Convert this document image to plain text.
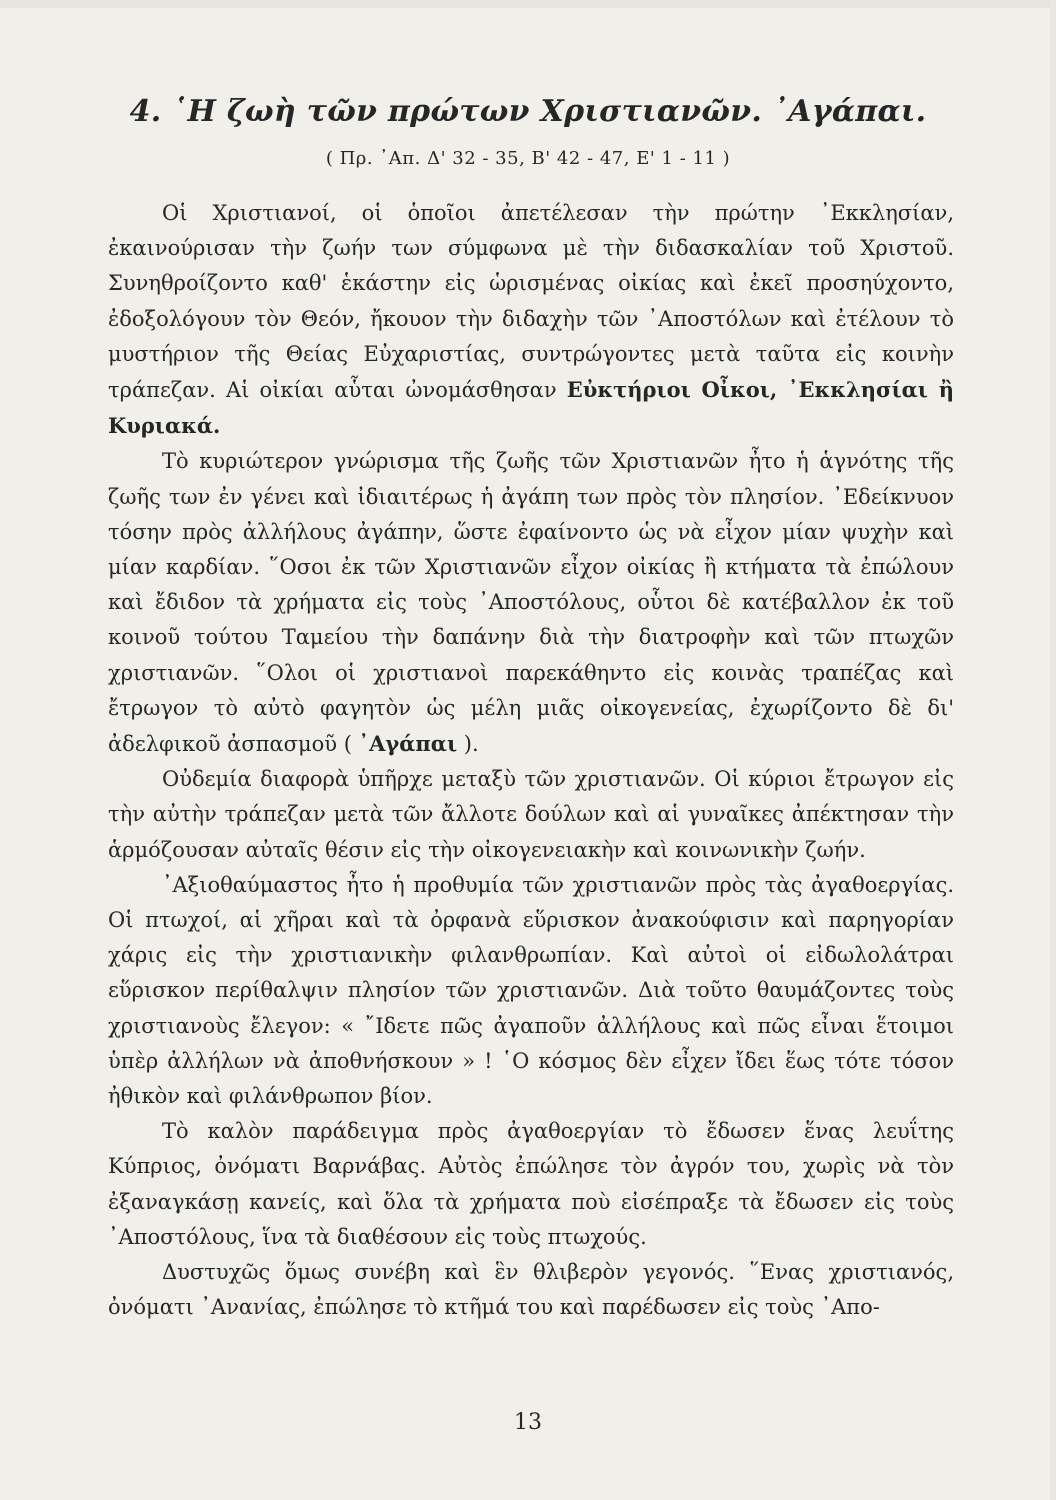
4. ῾Η ζωὴ τῶν πρώτων Χριστιανῶν. ᾿Αγάπαι.
( Πρ. ᾿Απ. Δ' 32 - 35, Β' 42 - 47, Ε' 1 - 11 )

Οἱ Χριστιανοί, οἱ ὁποῖοι ἀπετέλεσαν τὴν πρώτην ᾿Εκκλησίαν, ἐκαινούρισαν τὴν ζωήν των σύμφωνα μὲ τὴν διδασκαλίαν τοῦ Χριστοῦ. Συνηθροίζοντο καθ' ἑκάστην εἰς ὡρισμένας οἰκίας καὶ ἐκεῖ προσηύχοντο, ἐδοξολόγουν τὸν Θεόν, ἤκουον τὴν διδαχὴν τῶν ᾿Αποστόλων καὶ ἐτέλουν τὸ μυστήριον τῆς Θείας Εὐχαριστίας, συντρώγοντες μετὰ ταῦτα εἰς κοινὴν τράπεζαν. Αἱ οἰκίαι αὗται ὠνομάσθησαν Εὐκτήριοι Οἶκοι, ᾿Εκκλησίαι ἢ Κυριακά.

Τὸ κυριώτερον γνώρισμα τῆς ζωῆς τῶν Χριστιανῶν ἦτο ἡ ἁγνότης τῆς ζωῆς των ἐν γένει καὶ ἰδιαιτέρως ἡ ἀγάπη των πρὸς τὸν πλησίον. ᾿Εδείκνυον τόσην πρὸς ἀλλήλους ἀγάπην, ὥστε ἐφαίνοντο ὡς νὰ εἶχον μίαν ψυχὴν καὶ μίαν καρδίαν. ῞Οσοι ἐκ τῶν Χριστιανῶν εἶχον οἰκίας ἢ κτήματα τὰ ἐπώλουν καὶ ἔδιδον τὰ χρήματα εἰς τοὺς ᾿Αποστόλους, οὗτοι δὲ κατέβαλλον ἐκ τοῦ κοινοῦ τούτου Ταμείου τὴν δαπάνην διὰ τὴν διατροφὴν καὶ τῶν πτωχῶν χριστιανῶν. ῞Ολοι οἱ χριστιανοὶ παρεκάθηντο εἰς κοινὰς τραπέζας καὶ ἔτρωγον τὸ αὐτὸ φαγητὸν ὡς μέλη μιᾶς οἰκογενείας, ἐχωρίζοντο δὲ δι' ἀδελφικοῦ ἀσπασμοῦ ( ᾿Αγάπαι ).

Οὐδεμία διαφορὰ ὑπῆρχε μεταξὺ τῶν χριστιανῶν. Οἱ κύριοι ἔτρωγον εἰς τὴν αὐτὴν τράπεζαν μετὰ τῶν ἄλλοτε δούλων καὶ αἱ γυναῖκες ἀπέκτησαν τὴν ἁρμόζουσαν αὐταῖς θέσιν εἰς τὴν οἰκογενειακὴν καὶ κοινωνικὴν ζωήν.

᾿Αξιοθαύμαστος ἦτο ἡ προθυμία τῶν χριστιανῶν πρὸς τὰς ἀγαθοεργίας. Οἱ πτωχοί, αἱ χῆραι καὶ τὰ ὀρφανὰ εὕρισκον ἀνακούφισιν καὶ παρηγορίαν χάρις εἰς τὴν χριστιανικὴν φιλανθρωπίαν. Καὶ αὐτοὶ οἱ εἰδωλολάτραι εὕρισκον περίθαλψιν πλησίον τῶν χριστιανῶν. Διὰ τοῦτο θαυμάζοντες τοὺς χριστιανοὺς ἔλεγον: « ῎Ιδετε πῶς ἀγαποῦν ἀλλήλους καὶ πῶς εἶναι ἕτοιμοι ὑπὲρ ἀλλήλων νὰ ἀποθνήσκουν » ! ῾Ο κόσμος δὲν εἶχεν ἴδει ἕως τότε τόσον ἠθικὸν καὶ φιλάνθρωπον βίον.

Τὸ καλὸν παράδειγμα πρὸς ἀγαθοεργίαν τὸ ἔδωσεν ἕνας λευΐτης Κύπριος, ὀνόματι Βαρνάβας. Αὐτὸς ἐπώλησε τὸν ἀγρόν του, χωρὶς νὰ τὸν ἐξαναγκάσῃ κανείς, καὶ ὅλα τὰ χρήματα ποὺ εἰσέπραξε τὰ ἔδωσεν εἰς τοὺς ᾿Αποστόλους, ἵνα τὰ διαθέσουν εἰς τοὺς πτωχούς.

Δυστυχῶς ὅμως συνέβη καὶ ἓν θλιβερὸν γεγονός. ῞Ενας χριστιανός, ὀνόματι ᾿Ανανίας, ἐπώλησε τὸ κτῆμά του καὶ παρέδωσεν εἰς τοὺς ᾿Απο-

13
